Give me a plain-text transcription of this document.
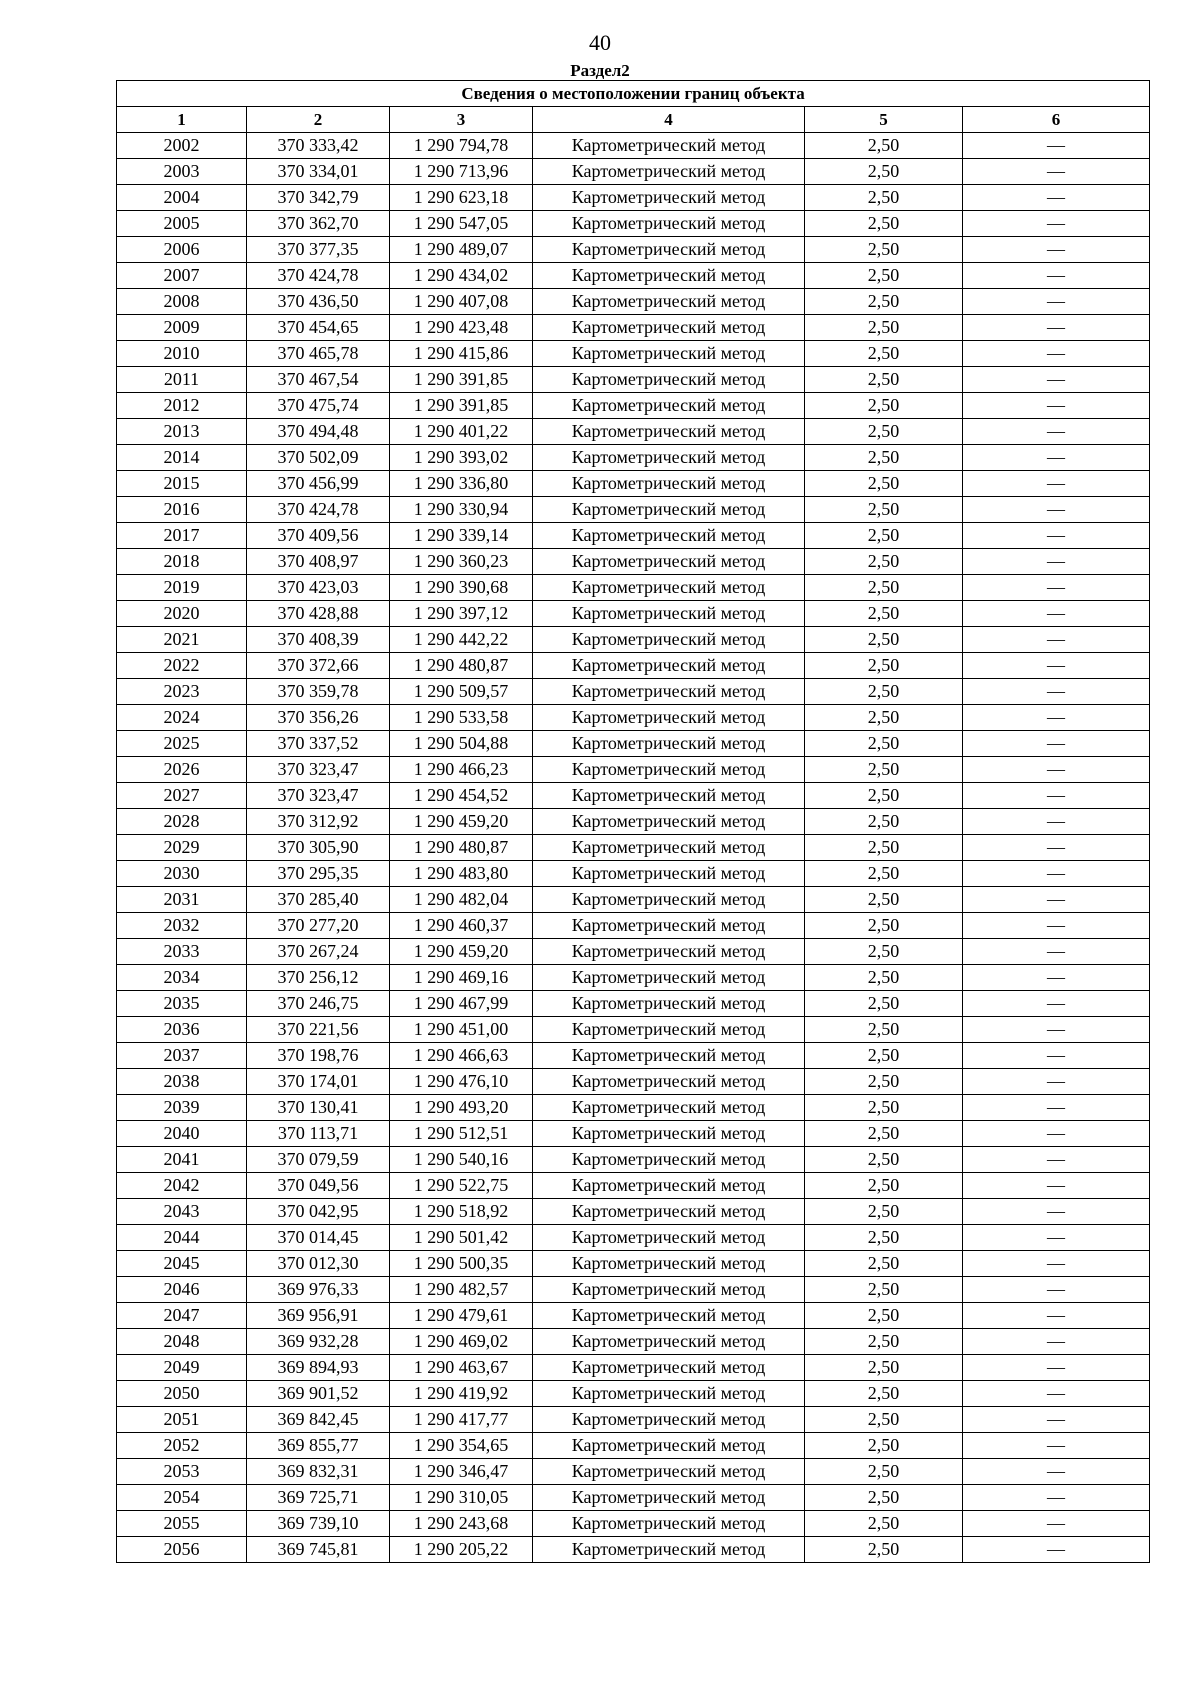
40
Раздел2
Сведения о местоположении границ объекта					
1	2	3	4	5	6
2002	370 333,42	1 290 794,78	Картометрический метод	2,50	—
2003	370 334,01	1 290 713,96	Картометрический метод	2,50	—
2004	370 342,79	1 290 623,18	Картометрический метод	2,50	—
2005	370 362,70	1 290 547,05	Картометрический метод	2,50	—
2006	370 377,35	1 290 489,07	Картометрический метод	2,50	—
2007	370 424,78	1 290 434,02	Картометрический метод	2,50	—
2008	370 436,50	1 290 407,08	Картометрический метод	2,50	—
2009	370 454,65	1 290 423,48	Картометрический метод	2,50	—
2010	370 465,78	1 290 415,86	Картометрический метод	2,50	—
2011	370 467,54	1 290 391,85	Картометрический метод	2,50	—
2012	370 475,74	1 290 391,85	Картометрический метод	2,50	—
2013	370 494,48	1 290 401,22	Картометрический метод	2,50	—
2014	370 502,09	1 290 393,02	Картометрический метод	2,50	—
2015	370 456,99	1 290 336,80	Картометрический метод	2,50	—
2016	370 424,78	1 290 330,94	Картометрический метод	2,50	—
2017	370 409,56	1 290 339,14	Картометрический метод	2,50	—
2018	370 408,97	1 290 360,23	Картометрический метод	2,50	—
2019	370 423,03	1 290 390,68	Картометрический метод	2,50	—
2020	370 428,88	1 290 397,12	Картометрический метод	2,50	—
2021	370 408,39	1 290 442,22	Картометрический метод	2,50	—
2022	370 372,66	1 290 480,87	Картометрический метод	2,50	—
2023	370 359,78	1 290 509,57	Картометрический метод	2,50	—
2024	370 356,26	1 290 533,58	Картометрический метод	2,50	—
2025	370 337,52	1 290 504,88	Картометрический метод	2,50	—
2026	370 323,47	1 290 466,23	Картометрический метод	2,50	—
2027	370 323,47	1 290 454,52	Картометрический метод	2,50	—
2028	370 312,92	1 290 459,20	Картометрический метод	2,50	—
2029	370 305,90	1 290 480,87	Картометрический метод	2,50	—
2030	370 295,35	1 290 483,80	Картометрический метод	2,50	—
2031	370 285,40	1 290 482,04	Картометрический метод	2,50	—
2032	370 277,20	1 290 460,37	Картометрический метод	2,50	—
2033	370 267,24	1 290 459,20	Картометрический метод	2,50	—
2034	370 256,12	1 290 469,16	Картометрический метод	2,50	—
2035	370 246,75	1 290 467,99	Картометрический метод	2,50	—
2036	370 221,56	1 290 451,00	Картометрический метод	2,50	—
2037	370 198,76	1 290 466,63	Картометрический метод	2,50	—
2038	370 174,01	1 290 476,10	Картометрический метод	2,50	—
2039	370 130,41	1 290 493,20	Картометрический метод	2,50	—
2040	370 113,71	1 290 512,51	Картометрический метод	2,50	—
2041	370 079,59	1 290 540,16	Картометрический метод	2,50	—
2042	370 049,56	1 290 522,75	Картометрический метод	2,50	—
2043	370 042,95	1 290 518,92	Картометрический метод	2,50	—
2044	370 014,45	1 290 501,42	Картометрический метод	2,50	—
2045	370 012,30	1 290 500,35	Картометрический метод	2,50	—
2046	369 976,33	1 290 482,57	Картометрический метод	2,50	—
2047	369 956,91	1 290 479,61	Картометрический метод	2,50	—
2048	369 932,28	1 290 469,02	Картометрический метод	2,50	—
2049	369 894,93	1 290 463,67	Картометрический метод	2,50	—
2050	369 901,52	1 290 419,92	Картометрический метод	2,50	—
2051	369 842,45	1 290 417,77	Картометрический метод	2,50	—
2052	369 855,77	1 290 354,65	Картометрический метод	2,50	—
2053	369 832,31	1 290 346,47	Картометрический метод	2,50	—
2054	369 725,71	1 290 310,05	Картометрический метод	2,50	—
2055	369 739,10	1 290 243,68	Картометрический метод	2,50	—
2056	369 745,81	1 290 205,22	Картометрический метод	2,50	—
